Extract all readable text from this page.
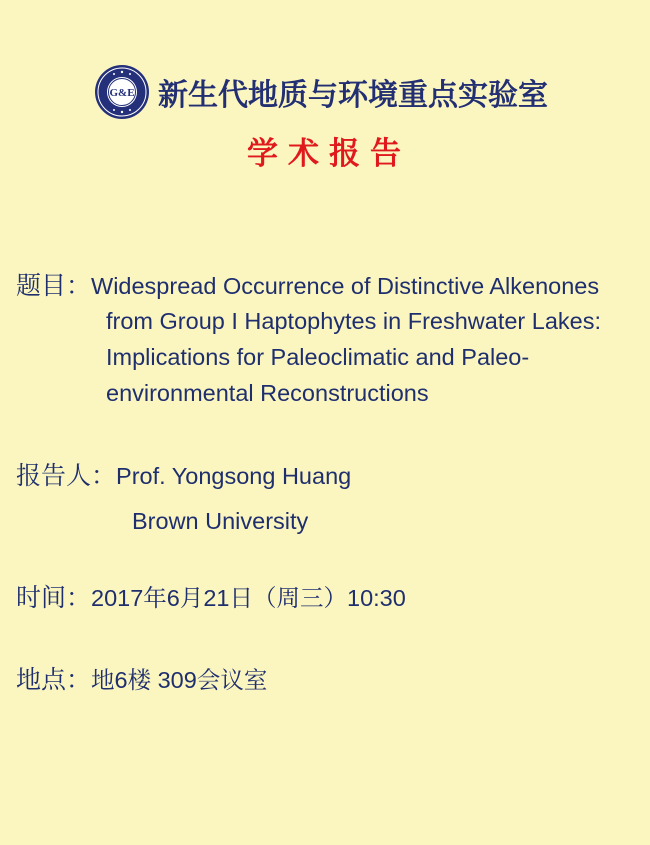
G&E 新生代地质与环境重点实验室
学术报告
题目：Widespread Occurrence of Distinctive Alkenones
from Group I Haptophytes in Freshwater Lakes:
Implications for Paleoclimatic and Paleo-
environmental Reconstructions
报告人：Prof. Yongsong Huang
Brown University
时间：2017年6月21日（周三）10:30
地点：地6楼 309会议室
